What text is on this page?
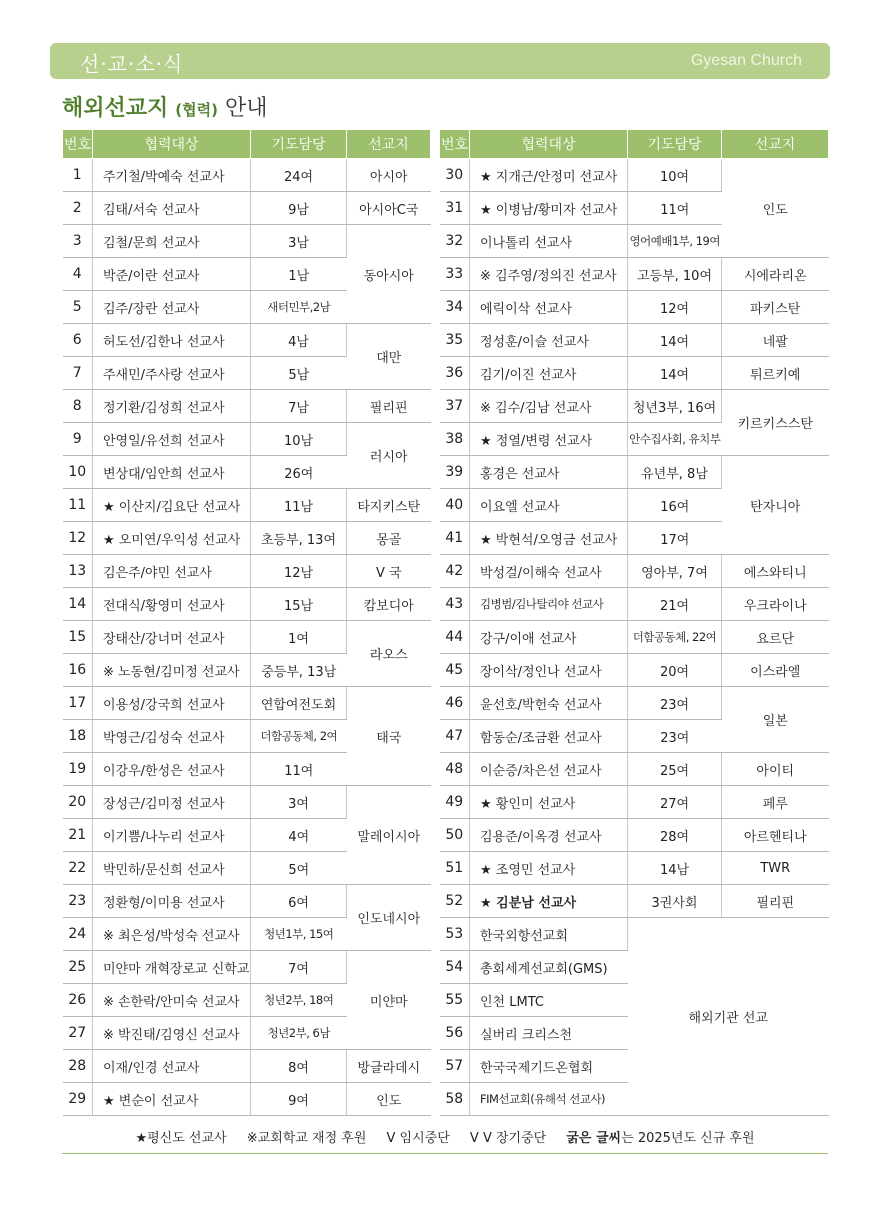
선·교·소·식	Gyesan Church
해외선교지 (협력) 안내
번호	협력대상	기도담당	선교지
1	주기철/박예숙 선교사	24여	아시아
2	김태/서숙 선교사	9남	아시아C국
3	김철/문희 선교사	3남	동아시아
4	박준/이란 선교사	1남	
5	김주/장란 선교사	새터민부,2남	
6	허도선/김한나 선교사	4남	대만
7	주새민/주사랑 선교사	5남	
8	정기환/김성희 선교사	7남	필리핀
9	안영일/유선희 선교사	10남	러시아
10	변상대/임안희 선교사	26여	
11	★ 이산지/김요단 선교사	11남	타지키스탄
12	★ 오미연/우익성 선교사	초등부, 13여	몽골
13	김은주/야민 선교사	12남	V 국
14	전대식/황영미 선교사	15남	캄보디아
15	장태산/강너머 선교사	1여	라오스
16	※ 노동현/김미정 선교사	중등부, 13남	
17	이용성/강국희 선교사	연합여전도회	태국
18	박영근/김성숙 선교사	더함공동체, 2여	
19	이강우/한성은 선교사	11여	
20	장성근/김미정 선교사	3여	말레이시아
21	이기쁨/나누리 선교사	4여	
22	박민하/문신희 선교사	5여	
23	정환형/이미용 선교사	6여	인도네시아
24	※ 최은성/박성숙 선교사	청년1부, 15여	
25	미얀마 개혁장로교 신학교	7여	미얀마
26	※ 손한락/안미숙 선교사	청년2부, 18여	
27	※ 박진태/김영신 선교사	청년2부, 6남	
28	이재/인경 선교사	8여	방글라데시
29	★ 변순이 선교사	9여	인도
번호	협력대상	기도담당	선교지
30	★ 지개근/안정미 선교사	10여	인도
31	★ 이병남/황미자 선교사	11여	
32	이나톨리 선교사	영어예배1부, 19여	
33	※ 김주영/정의진 선교사	고등부, 10여	시에라리온
34	에릭이삭 선교사	12여	파키스탄
35	정성훈/이슬 선교사	14여	네팔
36	김기/이진 선교사	14여	튀르키예
37	※ 김수/김남 선교사	청년3부, 16여	키르키스스탄
38	★ 정열/변령 선교사	안수집사회, 유치부	
39	홍경은 선교사	유년부, 8남	탄자니아
40	이요엘 선교사	16여	
41	★ 박현석/오영금 선교사	17여	
42	박성걸/이해숙 선교사	영아부, 7여	에스와티니
43	김병범/김나탈리야 선교사	21여	우크라이나
44	강구/이애 선교사	더함공동체, 22여	요르단
45	장이삭/정인나 선교사	20여	이스라엘
46	윤선호/박헌숙 선교사	23여	일본
47	함동순/조금환 선교사	23여	
48	이순증/차은선 선교사	25여	아이티
49	★ 황인미 선교사	27여	페루
50	김용준/이옥경 선교사	28여	아르헨티나
51	★ 조영민 선교사	14남	TWR
52	★ 김분남 선교사	3권사회	필리핀
53	한국외항선교회	해외기관 선교	
54	총회세계선교회(GMS)		
55	인천 LMTC		
56	실버리 크리스천		
57	한국국제기드온협회		
58	FIM선교회(유해석 선교사)		
★평신도 선교사 ※교회학교 재정 후원 V 임시중단 V V 장기중단 굵은 글씨는 2025년도 신규 후원
